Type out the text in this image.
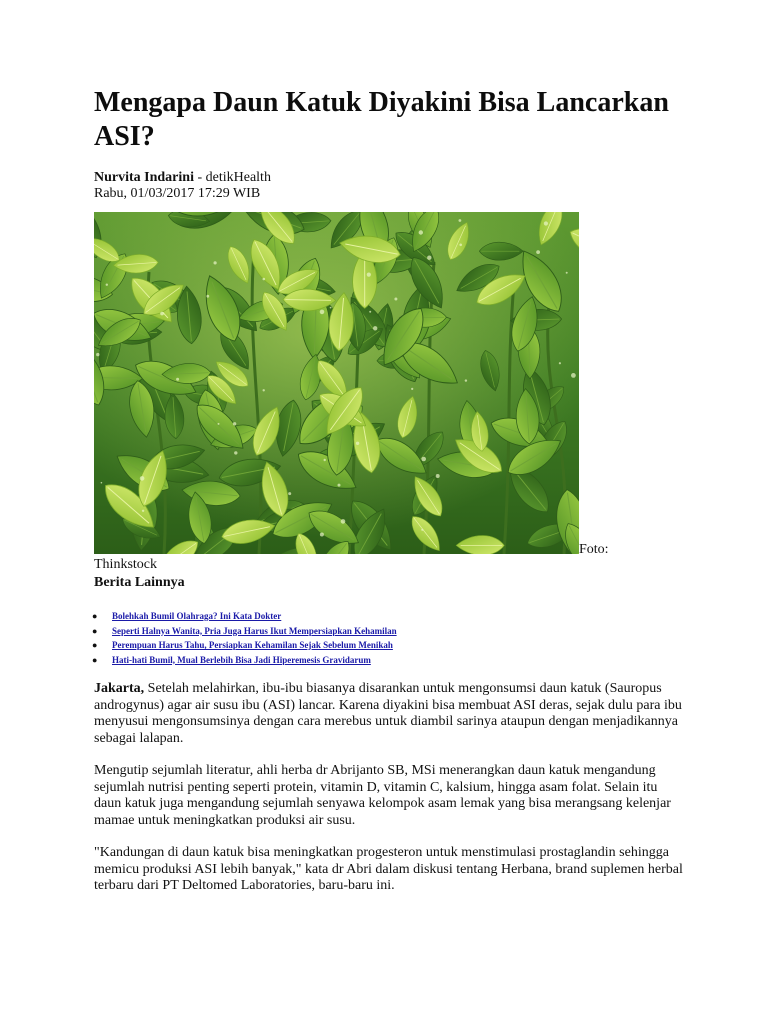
Mengapa Daun Katuk Diyakini Bisa Lancarkan ASI?
Nurvita Indarini - detikHealth
Rabu, 01/03/2017 17:29 WIB
Foto:
Thinkstock
Berita Lainnya
● Bolehkah Bumil Olahraga? Ini Kata Dokter
● Seperti Halnya Wanita, Pria Juga Harus Ikut Mempersiapkan Kehamilan
● Perempuan Harus Tahu, Persiapkan Kehamilan Sejak Sebelum Menikah
● Hati-hati Bumil, Mual Berlebih Bisa Jadi Hiperemesis Gravidarum

Jakarta, Setelah melahirkan, ibu-ibu biasanya disarankan untuk mengonsumsi daun katuk (Sauropus androgynus) agar air susu ibu (ASI) lancar. Karena diyakini bisa membuat ASI deras, sejak dulu para ibu menyusui mengonsumsinya dengan cara merebus untuk diambil sarinya ataupun dengan menjadikannya sebagai lalapan.

Mengutip sejumlah literatur, ahli herba dr Abrijanto SB, MSi menerangkan daun katuk mengandung sejumlah nutrisi penting seperti protein, vitamin D, vitamin C, kalsium, hingga asam folat. Selain itu daun katuk juga mengandung sejumlah senyawa kelompok asam lemak yang bisa merangsang kelenjar mamae untuk meningkatkan produksi air susu.

"Kandungan di daun katuk bisa meningkatkan progesteron untuk menstimulasi prostaglandin sehingga memicu produksi ASI lebih banyak," kata dr Abri dalam diskusi tentang Herbana, brand suplemen herbal terbaru dari PT Deltomed Laboratories, baru-baru ini.
